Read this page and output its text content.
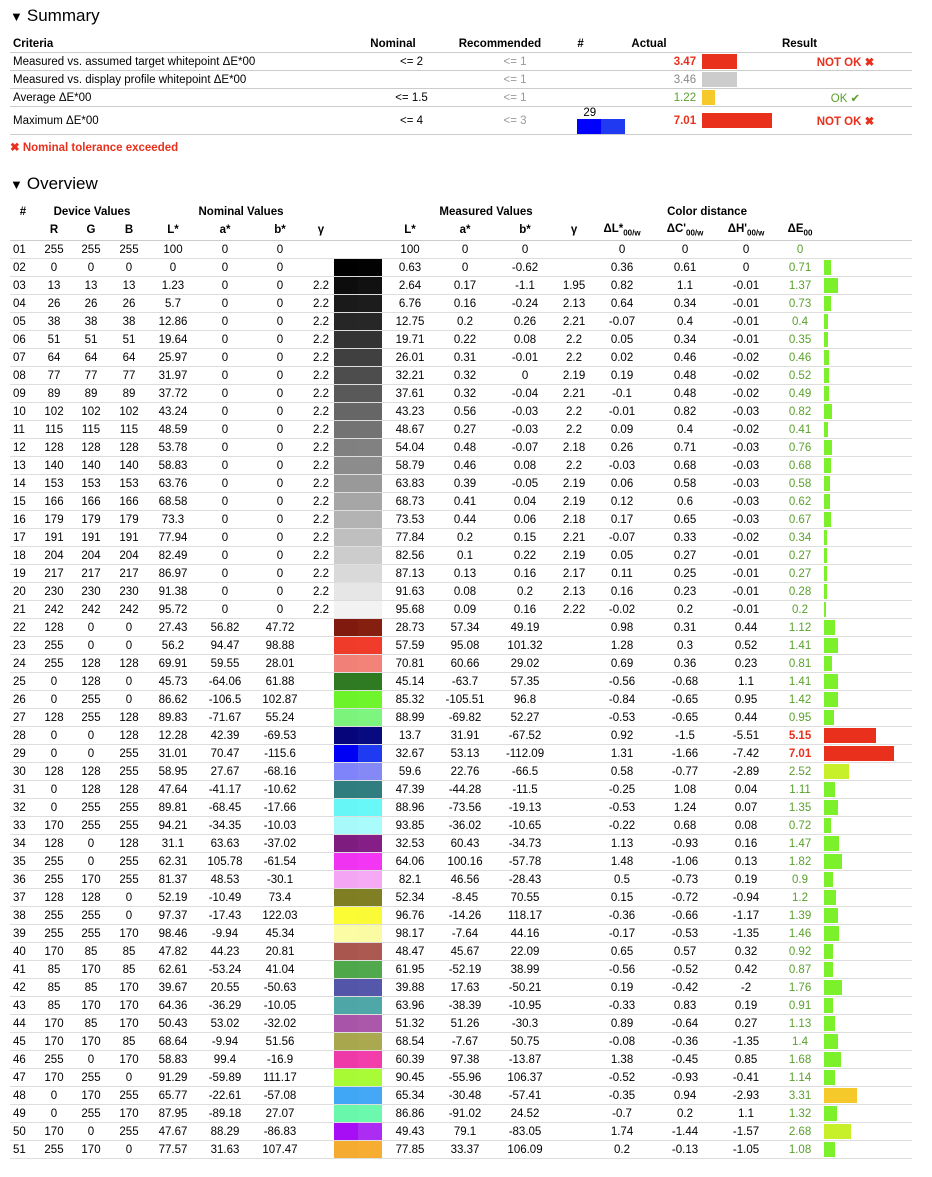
▼ Summary
Criteria	Nominal	Recommended	#	Actual		Result
Measured vs. assumed target whitepoint ΔE*00	<= 2	<= 1		3.47		NOT OK ✖
Measured vs. display profile whitepoint ΔE*00		<= 1		3.46		
Average ΔE*00	<= 1.5	<= 1		1.22		OK ✔
Maximum ΔE*00	<= 4	<= 3	29	7.01		NOT OK ✖
✖ Nominal tolerance exceeded
▼ Overview
#	Device Values			Nominal Values						Measured Values				Color distance				
	R	G	B	L*	a*	b*	γ			L*	a*	b*	γ	$\Delta L*_{00/w}$	$\Delta C'_{00/w}$	$\Delta H'_{00/w}$	$\Delta E_{00}$	
01	255	255	255	100	0	0				100	0	0		0	0	0	0	
02	0	0	0	0	0	0				0.63	0	-0.62		0.36	0.61	0	0.71	

03	13	13	13	1.23	0	0	2.2			2.64	0.17	-1.1	1.95	0.82	1.1	-0.01	1.37	

04	26	26	26	5.7	0	0	2.2			6.76	0.16	-0.24	2.13	0.64	0.34	-0.01	0.73	

05	38	38	38	12.86	0	0	2.2			12.75	0.2	0.26	2.21	-0.07	0.4	-0.01	0.4	

06	51	51	51	19.64	0	0	2.2			19.71	0.22	0.08	2.2	0.05	0.34	-0.01	0.35	

07	64	64	64	25.97	0	0	2.2			26.01	0.31	-0.01	2.2	0.02	0.46	-0.02	0.46	

08	77	77	77	31.97	0	0	2.2			32.21	0.32	0	2.19	0.19	0.48	-0.02	0.52	

09	89	89	89	37.72	0	0	2.2			37.61	0.32	-0.04	2.21	-0.1	0.48	-0.02	0.49	

10	102	102	102	43.24	0	0	2.2			43.23	0.56	-0.03	2.2	-0.01	0.82	-0.03	0.82	

11	115	115	115	48.59	0	0	2.2			48.67	0.27	-0.03	2.2	0.09	0.4	-0.02	0.41	

12	128	128	128	53.78	0	0	2.2			54.04	0.48	-0.07	2.18	0.26	0.71	-0.03	0.76	

13	140	140	140	58.83	0	0	2.2			58.79	0.46	0.08	2.2	-0.03	0.68	-0.03	0.68	

14	153	153	153	63.76	0	0	2.2			63.83	0.39	-0.05	2.19	0.06	0.58	-0.03	0.58	

15	166	166	166	68.58	0	0	2.2			68.73	0.41	0.04	2.19	0.12	0.6	-0.03	0.62	

16	179	179	179	73.3	0	0	2.2			73.53	0.44	0.06	2.18	0.17	0.65	-0.03	0.67	

17	191	191	191	77.94	0	0	2.2			77.84	0.2	0.15	2.21	-0.07	0.33	-0.02	0.34	

18	204	204	204	82.49	0	0	2.2			82.56	0.1	0.22	2.19	0.05	0.27	-0.01	0.27	

19	217	217	217	86.97	0	0	2.2			87.13	0.13	0.16	2.17	0.11	0.25	-0.01	0.27	

20	230	230	230	91.38	0	0	2.2			91.63	0.08	0.2	2.13	0.16	0.23	-0.01	0.28	

21	242	242	242	95.72	0	0	2.2			95.68	0.09	0.16	2.22	-0.02	0.2	-0.01	0.2	

22	128	0	0	27.43	56.82	47.72				28.73	57.34	49.19		0.98	0.31	0.44	1.12	

23	255	0	0	56.2	94.47	98.88				57.59	95.08	101.32		1.28	0.3	0.52	1.41	

24	255	128	128	69.91	59.55	28.01				70.81	60.66	29.02		0.69	0.36	0.23	0.81	

25	0	128	0	45.73	-64.06	61.88				45.14	-63.7	57.35		-0.56	-0.68	1.1	1.41	

26	0	255	0	86.62	-106.5	102.87				85.32	-105.51	96.8		-0.84	-0.65	0.95	1.42	

27	128	255	128	89.83	-71.67	55.24				88.99	-69.82	52.27		-0.53	-0.65	0.44	0.95	

28	0	0	128	12.28	42.39	-69.53				13.7	31.91	-67.52		0.92	-1.5	-5.51	5.15	

29	0	0	255	31.01	70.47	-115.6				32.67	53.13	-112.09		1.31	-1.66	-7.42	7.01	

30	128	128	255	58.95	27.67	-68.16				59.6	22.76	-66.5		0.58	-0.77	-2.89	2.52	

31	0	128	128	47.64	-41.17	-10.62				47.39	-44.28	-11.5		-0.25	1.08	0.04	1.11	

32	0	255	255	89.81	-68.45	-17.66				88.96	-73.56	-19.13		-0.53	1.24	0.07	1.35	

33	170	255	255	94.21	-34.35	-10.03				93.85	-36.02	-10.65		-0.22	0.68	0.08	0.72	

34	128	0	128	31.1	63.63	-37.02				32.53	60.43	-34.73		1.13	-0.93	0.16	1.47	

35	255	0	255	62.31	105.78	-61.54				64.06	100.16	-57.78		1.48	-1.06	0.13	1.82	

36	255	170	255	81.37	48.53	-30.1				82.1	46.56	-28.43		0.5	-0.73	0.19	0.9	

37	128	128	0	52.19	-10.49	73.4				52.34	-8.45	70.55		0.15	-0.72	-0.94	1.2	

38	255	255	0	97.37	-17.43	122.03				96.76	-14.26	118.17		-0.36	-0.66	-1.17	1.39	

39	255	255	170	98.46	-9.94	45.34				98.17	-7.64	44.16		-0.17	-0.53	-1.35	1.46	

40	170	85	85	47.82	44.23	20.81				48.47	45.67	22.09		0.65	0.57	0.32	0.92	

41	85	170	85	62.61	-53.24	41.04				61.95	-52.19	38.99		-0.56	-0.52	0.42	0.87	

42	85	85	170	39.67	20.55	-50.63				39.88	17.63	-50.21		0.19	-0.42	-2	1.76	

43	85	170	170	64.36	-36.29	-10.05				63.96	-38.39	-10.95		-0.33	0.83	0.19	0.91	

44	170	85	170	50.43	53.02	-32.02				51.32	51.26	-30.3		0.89	-0.64	0.27	1.13	

45	170	170	85	68.64	-9.94	51.56				68.54	-7.67	50.75		-0.08	-0.36	-1.35	1.4	

46	255	0	170	58.83	99.4	-16.9				60.39	97.38	-13.87		1.38	-0.45	0.85	1.68	

47	170	255	0	91.29	-59.89	111.17				90.45	-55.96	106.37		-0.52	-0.93	-0.41	1.14	

48	0	170	255	65.77	-22.61	-57.08				65.34	-30.48	-57.41		-0.35	0.94	-2.93	3.31	

49	0	255	170	87.95	-89.18	27.07				86.86	-91.02	24.52		-0.7	0.2	1.1	1.32	

50	170	0	255	47.67	88.29	-86.83				49.43	79.1	-83.05		1.74	-1.44	-1.57	2.68	

51	255	170	0	77.57	31.63	107.47				77.85	33.37	106.09		0.2	-0.13	-1.05	1.08	
